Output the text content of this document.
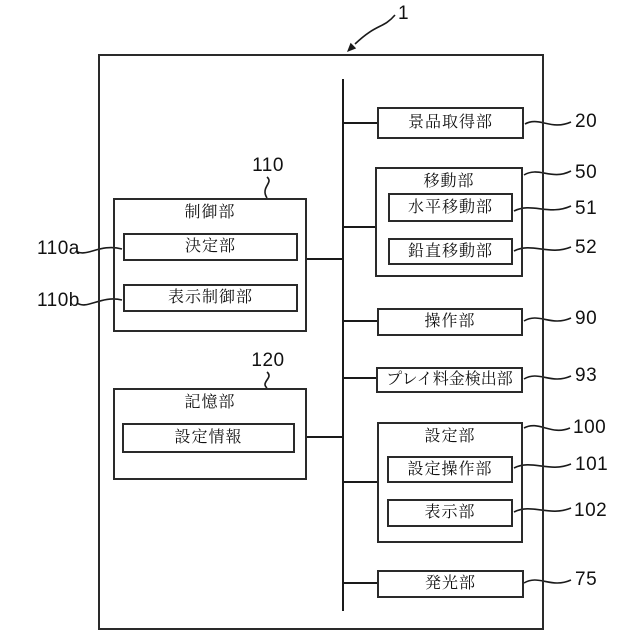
制御部
決定部
表示制御部
記憶部
設定情報
景品取得部
移動部
水平移動部
鉛直移動部
操作部
プレイ料金検出部
設定部
設定操作部
表示部
発光部
1
110
110a
110b
120
20
50
51
52
90
93
100
101
102
75
